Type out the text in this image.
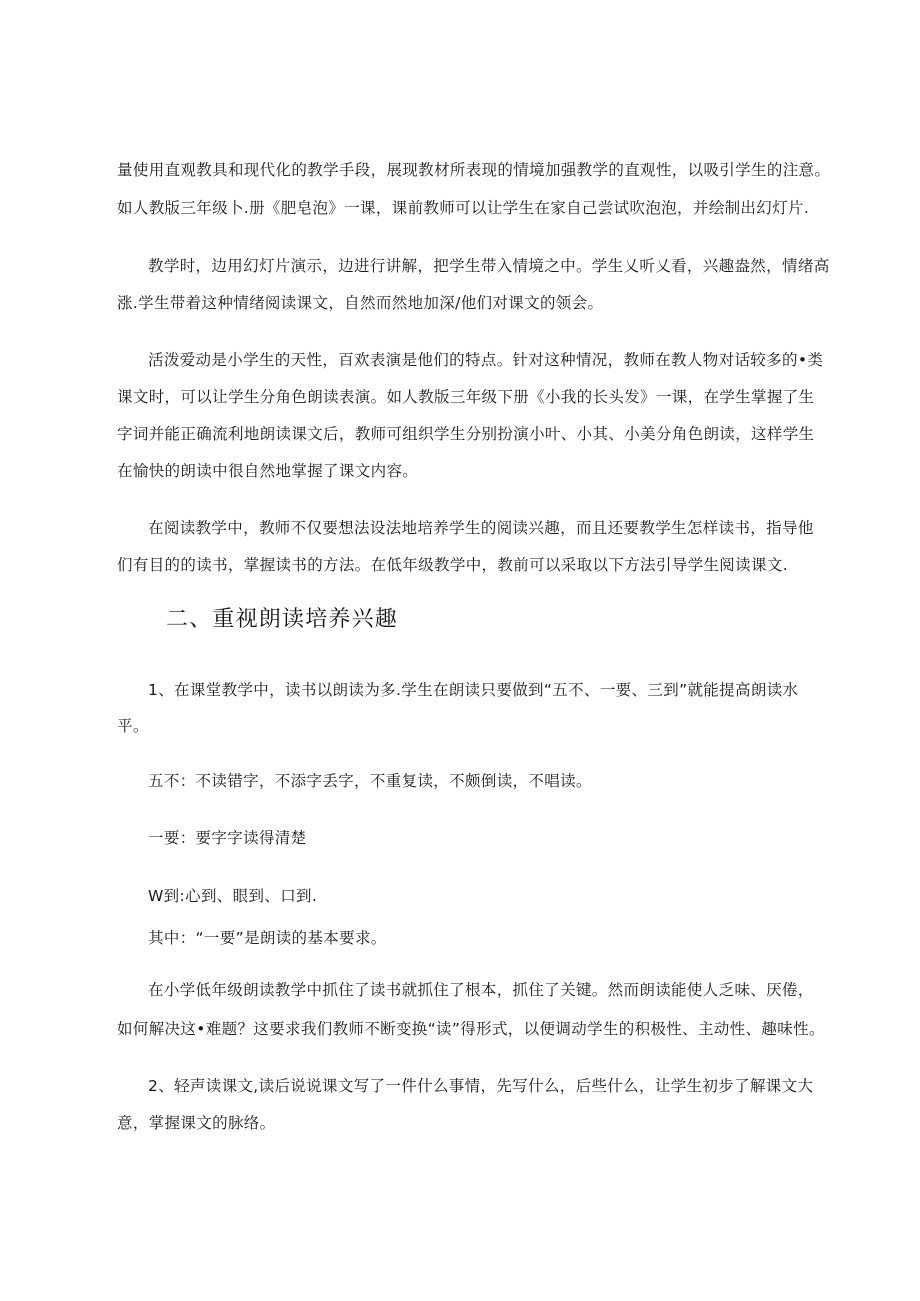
量使用直观教具和现代化的教学手段，展现教材所表现的情境加强教学的直观性，以吸引学生的注意。
如人教版三年级卜.册《肥皂泡》一课，课前教师可以让学生在家自己尝试吹泡泡，并绘制出幻灯片.
教学时，边用幻灯片演示，边进行讲解，把学生带入情境之中。学生乂听乂看，兴趣盎然，情绪高
涨.学生带着这种情绪阅读课文，自然而然地加深/他们对课文的领会。
活泼爱动是小学生的天性，百欢表演是他们的特点。针对这种情况，教师在教人物对话较多的•类
课文时，可以让学生分角色朗读表演。如人教版三年级下册《小我的长头发》一课，在学生掌握了生
字词并能正确流利地朗读课文后，教师可组织学生分别扮演小叶、小其、小美分角色朗读，这样学生
在愉快的朗读中很自然地掌握了课文内容。
在阅读教学中，教师不仅要想法设法地培养学生的阅读兴趣，而且还要教学生怎样读书，指导他
们有目的的读书，掌握读书的方法。在低年级教学中，教前可以采取以下方法引导学生阅读课文.
二、重视朗读培养兴趣
1、在课堂教学中，读书以朗读为多.学生在朗读只要做到“五不、一要、三到”就能提高朗读水
平。
五不：不读错字，不添字丢字，不重复读，不颇倒读，不唱读。
一要：要字字读得清楚
W到:心到、眼到、口到.
其中：“一要”是朗读的基本要求。
在小学低年级朗读教学中抓住了读书就抓住了根本，抓住了关键。然而朗读能使人乏味、厌倦，
如何解决这•难题？这要求我们教师不断变换“读”得形式，以便调动学生的积极性、主动性、趣味性。
2、轻声读课文,读后说说课文写了一件什么事情，先写什么，后些什么，让学生初步了解课文大
意，掌握课文的脉络。
